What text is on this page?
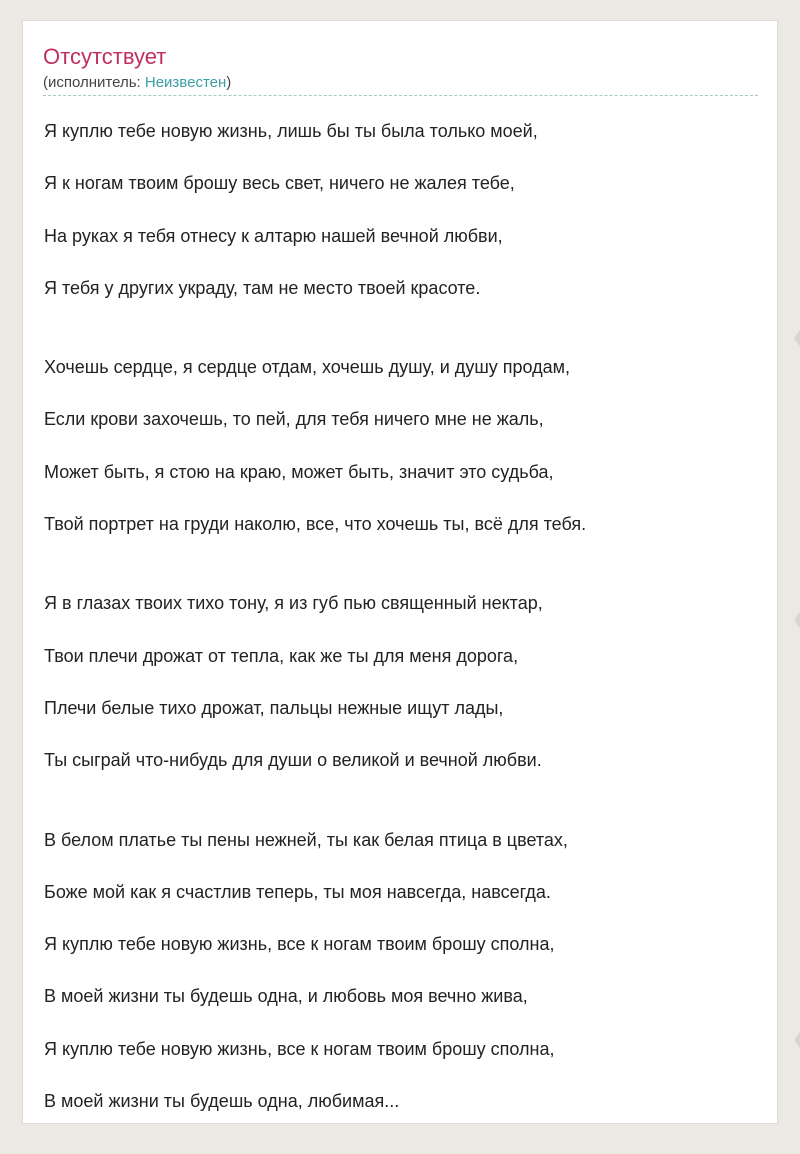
Отсутствует
(исполнитель: Неизвестен)
Я куплю тебе новую жизнь, лишь бы ты была только моей,
Я к ногам твоим брошу весь свет, ничего не жалея тебе,
На руках я тебя отнесу к алтарю нашей вечной любви,
Я тебя у других украду, там не место твоей красоте.
Хочешь сердце, я сердце отдам, хочешь душу, и душу продам,
Если крови захочешь, то пей, для тебя ничего мне не жаль,
Может быть, я стою на краю, может быть, значит это судьба,
Твой портрет на груди наколю, все, что хочешь ты, всё для тебя.
Я в глазах твоих тихо тону, я из губ пью священный нектар,
Твои плечи дрожат от тепла, как же ты для меня дорога,
Плечи белые тихо дрожат, пальцы нежные ищут лады,
Ты сыграй что-нибудь для души о великой и вечной любви.
В белом платье ты пены нежней, ты как белая птица в цветах,
Боже мой как я счастлив теперь, ты моя навсегда, навсегда.
Я куплю тебе новую жизнь, все к ногам твоим брошу сполна,
В моей жизни ты будешь одна, и любовь моя вечно жива,
Я куплю тебе новую жизнь, все к ногам твоим брошу сполна,
В моей жизни ты будешь одна, любимая...
